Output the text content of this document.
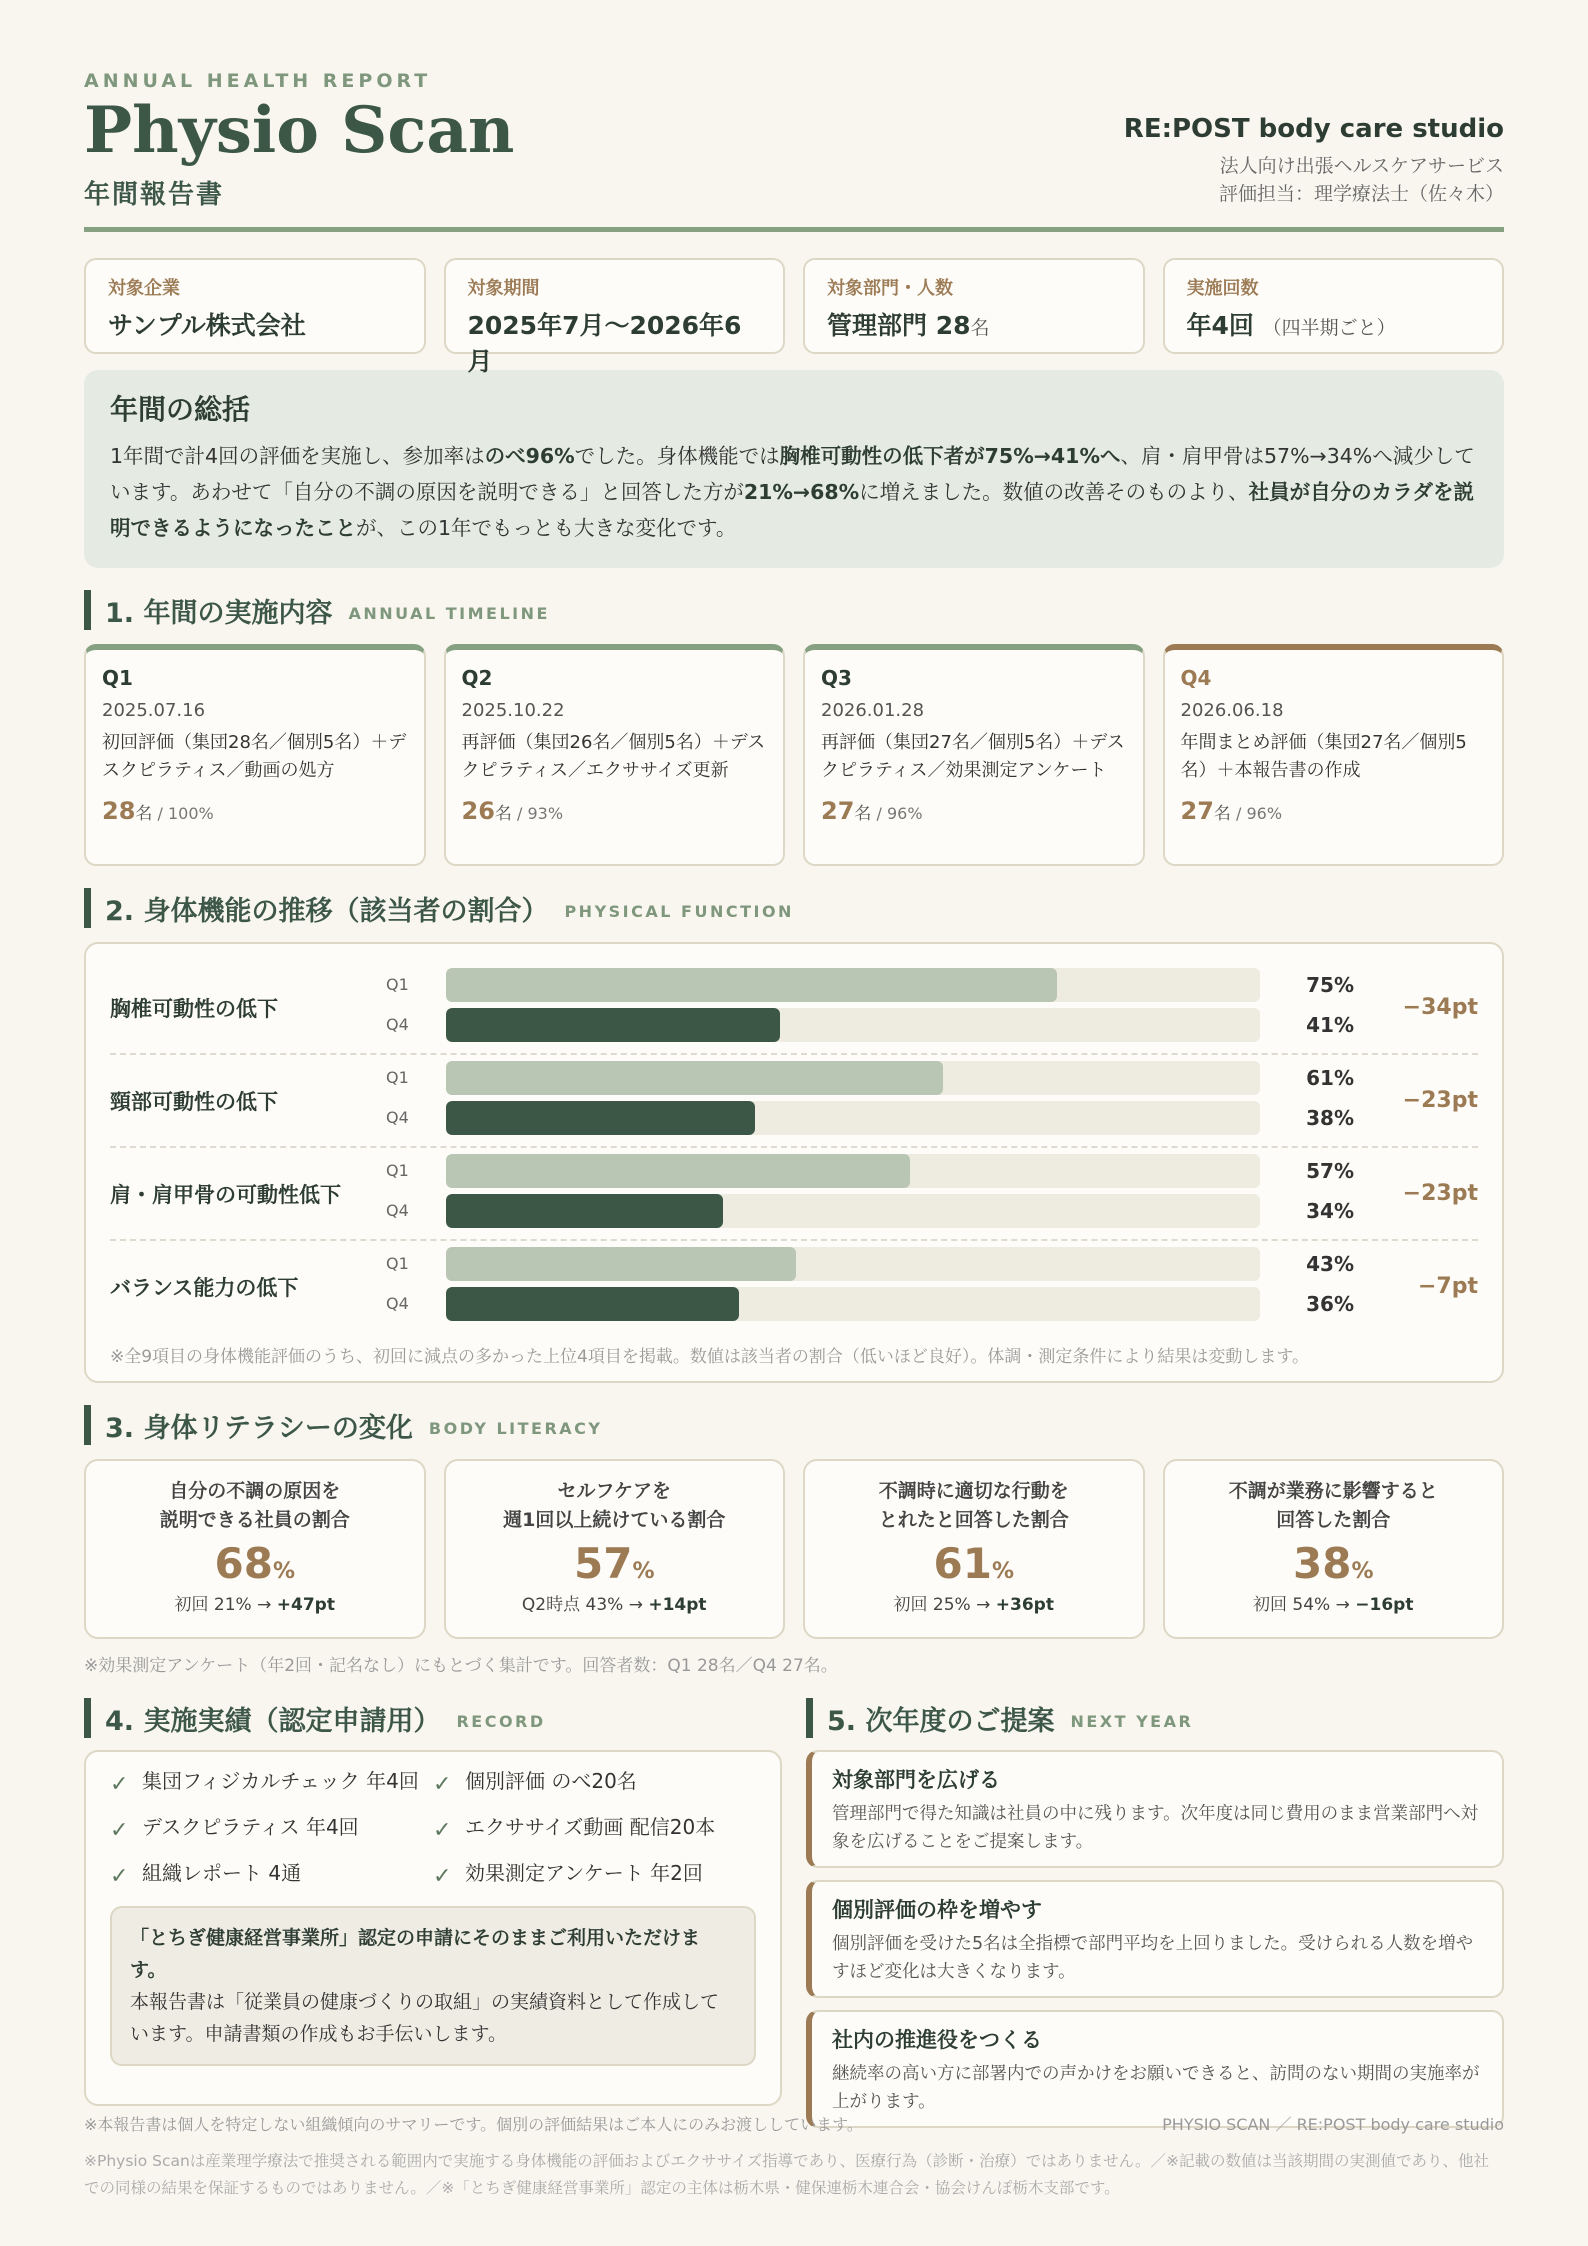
ANNUAL HEALTH REPORT
Physio Scan
年間報告書
RE:POST body care studio
法人向け出張ヘルスケアサービス
評価担当：理学療法士（佐々木）
対象企業
サンプル株式会社
対象期間
2025年7月〜2026年6月
対象部門・人数
管理部門 28名
実施回数
年4回 （四半期ごと）
年間の総括
1年間で計4回の評価を実施し、参加率はのべ96%でした。身体機能では胸椎可動性の低下者が75%→41%へ、肩・肩甲骨は57%→34%へ減少しています。あわせて「自分の不調の原因を説明できる」と回答した方が21%→68%に増えました。数値の改善そのものより、社員が自分のカラダを説明できるようになったことが、この1年でもっとも大きな変化です。
1. 年間の実施内容 ANNUAL TIMELINE
Q1
2025.07.16
初回評価（集団28名／個別5名）＋デスクピラティス／動画の処方
28名 / 100%
Q2
2025.10.22
再評価（集団26名／個別5名）＋デスクピラティス／エクササイズ更新
26名 / 93%
Q3
2026.01.28
再評価（集団27名／個別5名）＋デスクピラティス／効果測定アンケート
27名 / 96%
Q4
2026.06.18
年間まとめ評価（集団27名／個別5名）＋本報告書の作成
27名 / 96%
2. 身体機能の推移（該当者の割合） PHYSICAL FUNCTION
胸椎可動性の低下
Q1	75%
Q4	41%
−34pt
頸部可動性の低下
Q1	61%
Q4	38%
−23pt
肩・肩甲骨の可動性低下
Q1	57%
Q4	34%
−23pt
バランス能力の低下
Q1	43%
Q4	36%
−7pt
※全9項目の身体機能評価のうち、初回に減点の多かった上位4項目を掲載。数値は該当者の割合（低いほど良好）。体調・測定条件により結果は変動します。
3. 身体リテラシーの変化 BODY LITERACY
自分の不調の原因を
説明できる社員の割合
68%
初回 21% → +47pt
セルフケアを
週1回以上続けている割合
57%
Q2時点 43% → +14pt
不調時に適切な行動を
とれたと回答した割合
61%
初回 25% → +36pt
不調が業務に影響すると
回答した割合
38%
初回 54% → −16pt
※効果測定アンケート（年2回・記名なし）にもとづく集計です。回答者数：Q1 28名／Q4 27名。
4. 実施実績（認定申請用） RECORD
✓ 集団フィジカルチェック 年4回 ✓ 個別評価 のべ20名
✓ デスクピラティス 年4回	✓ エクササイズ動画 配信20本
✓ 組織レポート 4通	✓ 効果測定アンケート 年2回
「とちぎ健康経営事業所」認定の申請にそのままご利用いただけます。
本報告書は「従業員の健康づくりの取組」の実績資料として作成しています。申請書類の作成もお手伝いします。
5. 次年度のご提案 NEXT YEAR
対象部門を広げる
管理部門で得た知識は社員の中に残ります。次年度は同じ費用のまま営業部門へ対象を広げることをご提案します。
個別評価の枠を増やす
個別評価を受けた5名は全指標で部門平均を上回りました。受けられる人数を増やすほど変化は大きくなります。
社内の推進役をつくる
継続率の高い方に部署内での声かけをお願いできると、訪問のない期間の実施率が上がります。
※本報告書は個人を特定しない組織傾向のサマリーです。個別の評価結果はご本人にのみお渡ししています。	PHYSIO SCAN ／ RE:POST body care studio
※Physio Scanは産業理学療法で推奨される範囲内で実施する身体機能の評価およびエクササイズ指導であり、医療行為（診断・治療）ではありません。／※記載の数値は当該期間の実測値であり、他社での同様の結果を保証するものではありません。／※「とちぎ健康経営事業所」認定の主体は栃木県・健保連栃木連合会・協会けんぽ栃木支部です。
